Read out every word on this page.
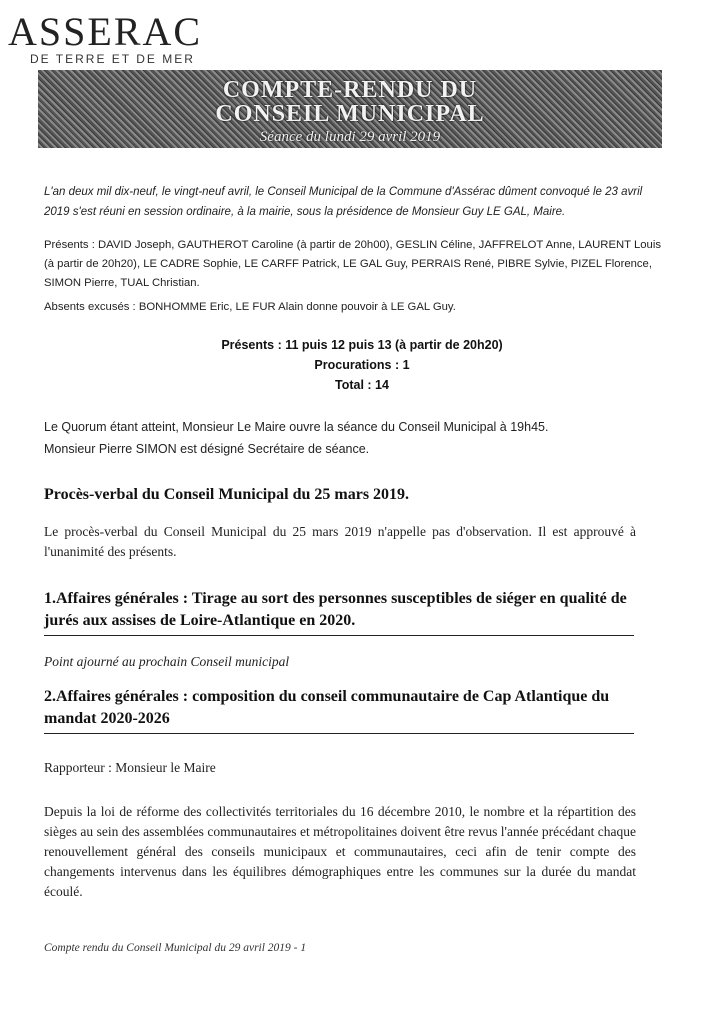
ASSERAC
DE TERRE ET DE MER
COMPTE-RENDU DU
CONSEIL MUNICIPAL
Séance du lundi 29 avril 2019
L'an deux mil dix-neuf, le vingt-neuf avril, le Conseil Municipal de la Commune d'Assérac dûment convoqué le 23 avril 2019 s'est réuni en session ordinaire, à la mairie, sous la présidence de Monsieur Guy LE GAL, Maire.
Présents : DAVID Joseph, GAUTHEROT Caroline (à partir de 20h00), GESLIN Céline, JAFFRELOT Anne, LAURENT Louis (à partir de 20h20), LE CADRE Sophie, LE CARFF Patrick, LE GAL Guy, PERRAIS René, PIBRE Sylvie, PIZEL Florence, SIMON Pierre, TUAL Christian.
Absents excusés : BONHOMME Eric, LE FUR Alain donne pouvoir à LE GAL Guy.
Présents : 11 puis 12 puis 13 (à partir de 20h20)
Procurations : 1
Total : 14
Le Quorum étant atteint, Monsieur Le Maire ouvre la séance du Conseil Municipal à 19h45.
Monsieur Pierre SIMON est désigné Secrétaire de séance.
Procès-verbal du Conseil Municipal du 25 mars 2019.
Le procès-verbal du Conseil Municipal du 25 mars 2019 n'appelle pas d'observation. Il est approuvé à l'unanimité des présents.
1.Affaires générales : Tirage au sort des personnes susceptibles de siéger en qualité de jurés aux assises de Loire-Atlantique en 2020.
Point ajourné au prochain Conseil municipal
2.Affaires générales : composition du conseil communautaire de Cap Atlantique du mandat 2020-2026
Rapporteur : Monsieur le Maire
Depuis la loi de réforme des collectivités territoriales du 16 décembre 2010, le nombre et la répartition des sièges au sein des assemblées communautaires et métropolitaines doivent être revus l'année précédant chaque renouvellement général des conseils municipaux et communautaires, ceci afin de tenir compte des changements intervenus dans les équilibres démographiques entre les communes sur la durée du mandat écoulé.
Compte rendu du Conseil Municipal du 29 avril 2019 - 1
